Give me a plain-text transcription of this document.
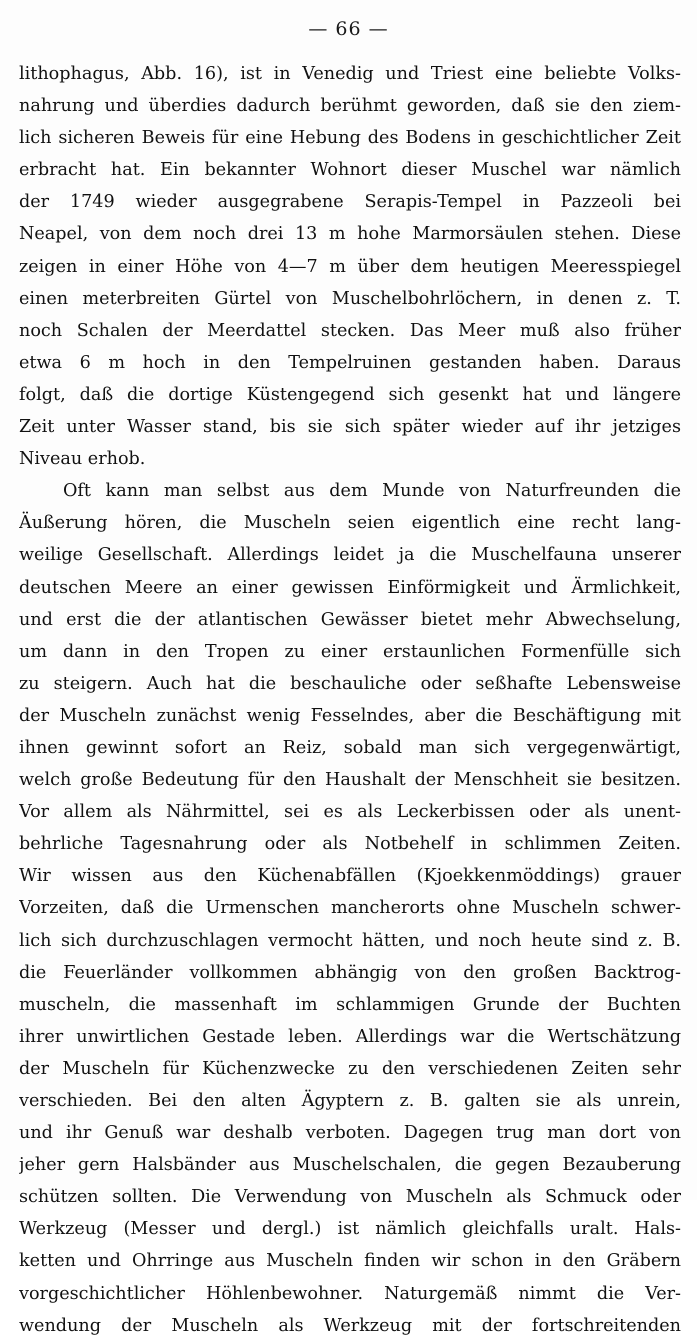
— 66 —
lithophagus, Abb. 16), ist in Venedig und Triest eine beliebte Volks-
nahrung und überdies dadurch berühmt geworden, daß sie den ziem-
lich sicheren Beweis für eine Hebung des Bodens in geschichtlicher Zeit
erbracht hat. Ein bekannter Wohnort dieser Muschel war nämlich
der 1749 wieder ausgegrabene Serapis-Tempel in Pazzeoli bei
Neapel, von dem noch drei 13 m hohe Marmorsäulen stehen. Diese
zeigen in einer Höhe von 4—7 m über dem heutigen Meeresspiegel
einen meterbreiten Gürtel von Muschelbohrlöchern, in denen z. T.
noch Schalen der Meerdattel stecken. Das Meer muß also früher
etwa 6 m hoch in den Tempelruinen gestanden haben. Daraus
folgt, daß die dortige Küstengegend sich gesenkt hat und längere
Zeit unter Wasser stand, bis sie sich später wieder auf ihr jetziges
Niveau erhob.
Oft kann man selbst aus dem Munde von Naturfreunden die
Äußerung hören, die Muscheln seien eigentlich eine recht lang-
weilige Gesellschaft. Allerdings leidet ja die Muschelfauna unserer
deutschen Meere an einer gewissen Einförmigkeit und Ärmlichkeit,
und erst die der atlantischen Gewässer bietet mehr Abwechselung,
um dann in den Tropen zu einer erstaunlichen Formenfülle sich
zu steigern. Auch hat die beschauliche oder seßhafte Lebensweise
der Muscheln zunächst wenig Fesselndes, aber die Beschäftigung mit
ihnen gewinnt sofort an Reiz, sobald man sich vergegenwärtigt,
welch große Bedeutung für den Haushalt der Menschheit sie besitzen.
Vor allem als Nährmittel, sei es als Leckerbissen oder als unent-
behrliche Tagesnahrung oder als Notbehelf in schlimmen Zeiten.
Wir wissen aus den Küchenabfällen (Kjoekkenmöddings) grauer
Vorzeiten, daß die Urmenschen mancherorts ohne Muscheln schwer-
lich sich durchzuschlagen vermocht hätten, und noch heute sind z. B.
die Feuerländer vollkommen abhängig von den großen Backtrog-
muscheln, die massenhaft im schlammigen Grunde der Buchten
ihrer unwirtlichen Gestade leben. Allerdings war die Wertschätzung
der Muscheln für Küchenzwecke zu den verschiedenen Zeiten sehr
verschieden. Bei den alten Ägyptern z. B. galten sie als unrein,
und ihr Genuß war deshalb verboten. Dagegen trug man dort von
jeher gern Halsbänder aus Muschelschalen, die gegen Bezauberung
schützen sollten. Die Verwendung von Muscheln als Schmuck oder
Werkzeug (Messer und dergl.) ist nämlich gleichfalls uralt. Hals-
ketten und Ohrringe aus Muscheln finden wir schon in den Gräbern
vorgeschichtlicher Höhlenbewohner. Naturgemäß nimmt die Ver-
wendung der Muscheln als Werkzeug mit der fortschreitenden
